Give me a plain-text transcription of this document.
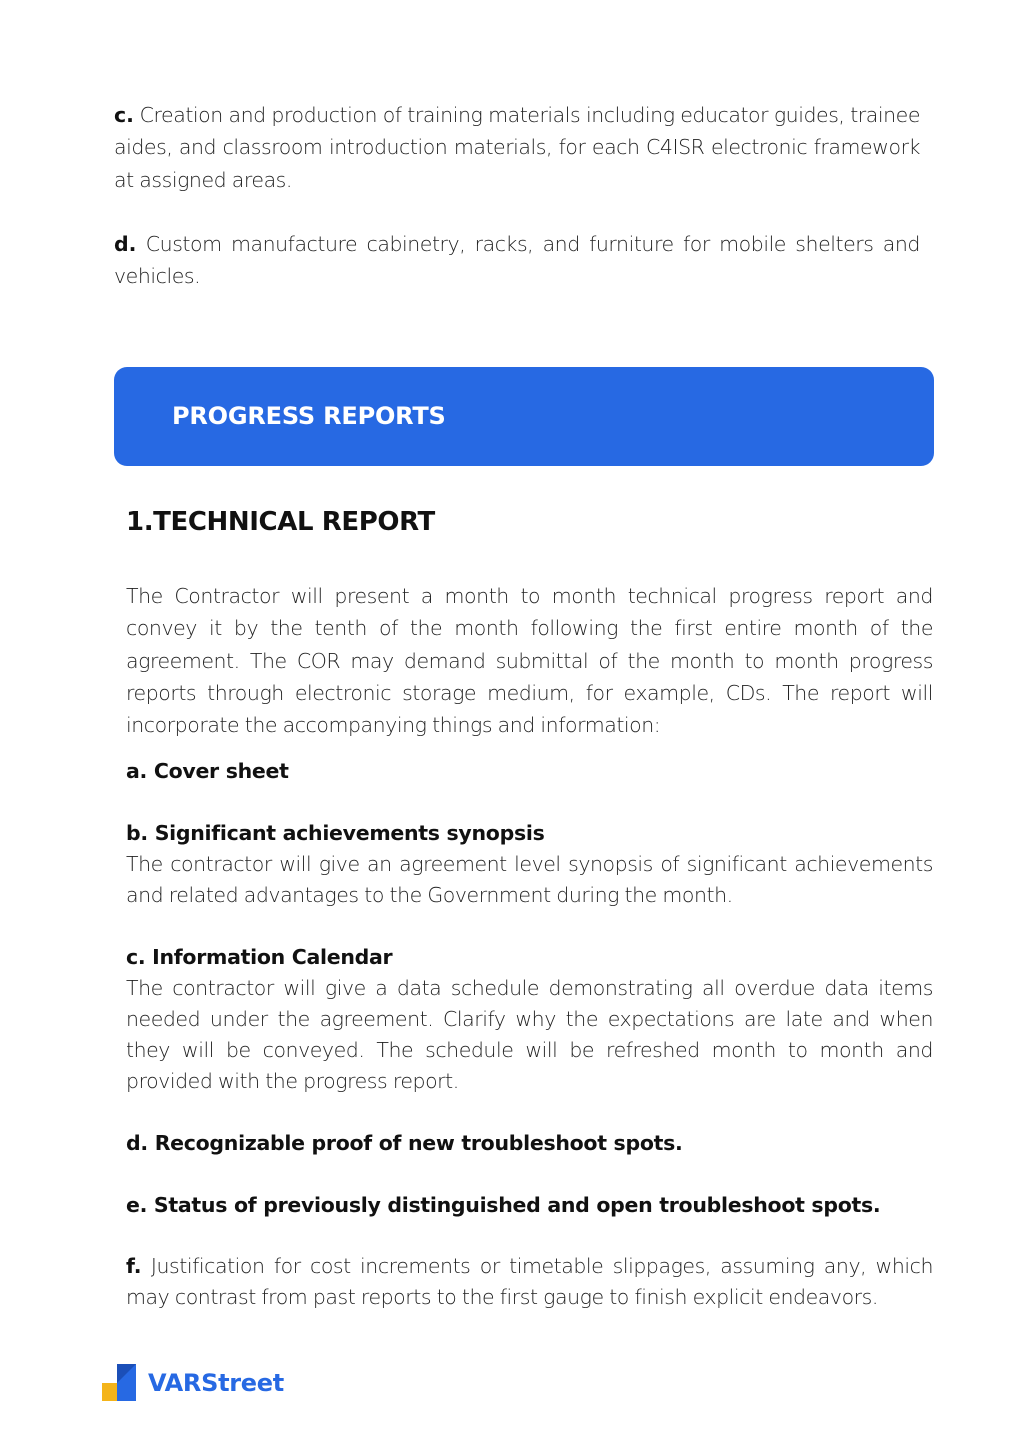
c. Creation and production of training materials including educator guides, trainee aides, and classroom introduction materials, for each C4ISR electronic framework at assigned areas.

d. Custom manufacture cabinetry, racks, and furniture for mobile shelters and vehicles.

PROGRESS REPORTS
1.TECHNICAL REPORT

The Contractor will present a month to month technical progress report and convey it by the tenth of the month following the first entire month of the agreement. The COR may demand submittal of the month to month progress reports through electronic storage medium, for example, CDs. The report will incorporate the accompanying things and information:

a. Cover sheet
b. Significant achievements synopsis

The contractor will give an agreement level synopsis of significant achievements and related advantages to the Government during the month.

c. Information Calendar

The contractor will give a data schedule demonstrating all overdue data items needed under the agreement. Clarify why the expectations are late and when they will be conveyed. The schedule will be refreshed month to month and provided with the progress report.

d. Recognizable proof of new troubleshoot spots.
e. Status of previously distinguished and open troubleshoot spots.

f. Justification for cost increments or timetable slippages, assuming any, which may contrast from past reports to the first gauge to finish explicit endeavors.

VARStreet
